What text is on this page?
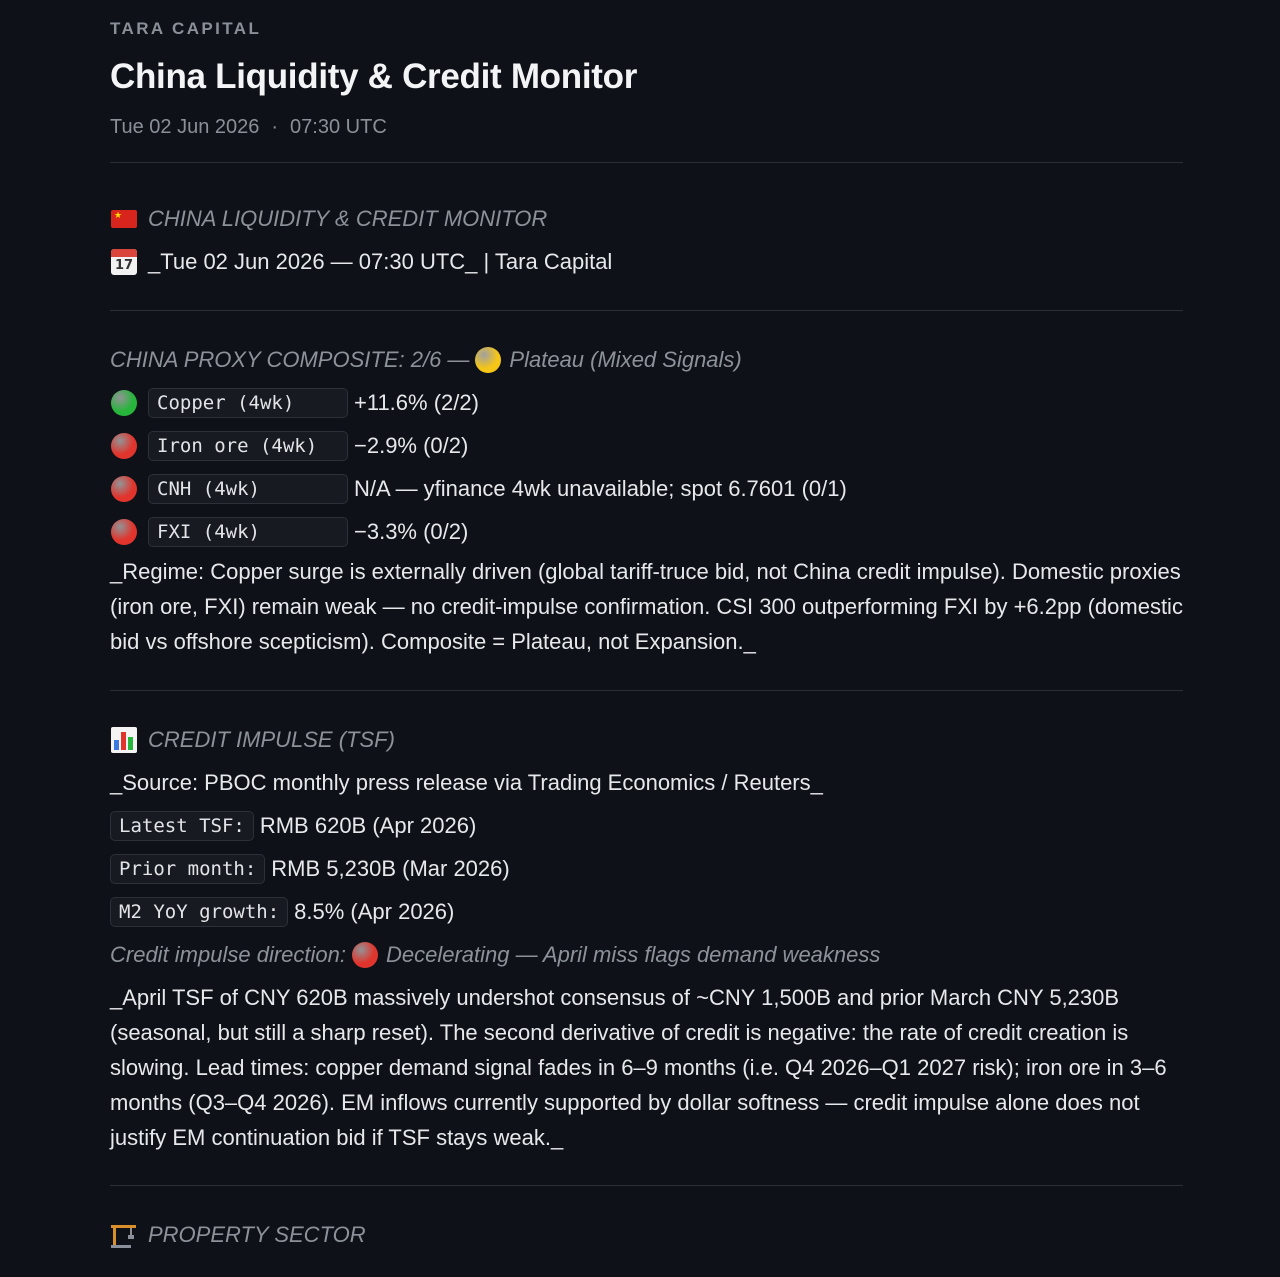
TARA CAPITAL
China Liquidity & Credit Monitor
Tue 02 Jun 2026 · 07:30 UTC
★ CHINA LIQUIDITY & CREDIT MONITOR
17 _Tue 02 Jun 2026 — 07:30 UTC_ | Tara Capital
CHINA PROXY COMPOSITE: 2/6 — Plateau (Mixed Signals)
Copper (4wk)	+11.6% (2/2)
Iron ore (4wk)	−2.9% (0/2)
CNH (4wk)	N/A — yfinance 4wk unavailable; spot 6.7601 (0/1)
FXI (4wk)	−3.3% (0/2)
_Regime: Copper surge is externally driven (global tariff-truce bid, not China credit impulse). Domestic proxies (iron ore, FXI) remain weak — no credit-impulse confirmation. CSI 300 outperforming FXI by +6.2pp (domestic bid vs offshore scepticism). Composite = Plateau, not Expansion._
CREDIT IMPULSE (TSF)
_Source: PBOC monthly press release via Trading Economics / Reuters_
Latest TSF: RMB 620B (Apr 2026)
Prior month: RMB 5,230B (Mar 2026)
M2 YoY growth: 8.5% (Apr 2026)
Credit impulse direction: Decelerating — April miss flags demand weakness
_April TSF of CNY 620B massively undershot consensus of ~CNY 1,500B and prior March CNY 5,230B (seasonal, but still a sharp reset). The second derivative of credit is negative: the rate of credit creation is slowing. Lead times: copper demand signal fades in 6–9 months (i.e. Q4 2026–Q1 2027 risk); iron ore in 3–6 months (Q3–Q4 2026). EM inflows currently supported by dollar softness — credit impulse alone does not justify EM continuation bid if TSF stays weak._
PROPERTY SECTOR
